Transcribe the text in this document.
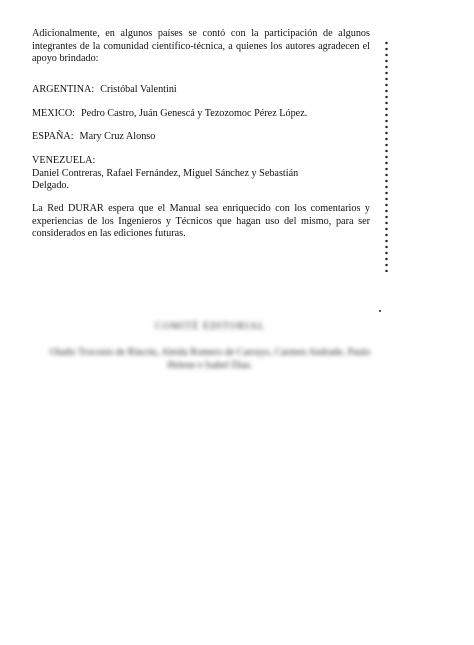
Adicionalmente, en algunos países se contó con la participación de algunos integrantes de la comunidad científico-técnica, a quienes los autores agradecen el apoyo brindado:

ARGENTINA: Cristóbal Valentini

MEXICO: Pedro Castro, Juán Genescá y Tezozomoc Pérez López.

ESPAÑA: Mary Cruz Alonso

VENEZUELA:Daniel Contreras, Rafael Fernández, Miguel Sánchez y Sebastián Delgado.

La Red DURAR espera que el Manual sea enriquecido con los comentarios y experiencias de los Ingenieros y Técnicos que hagan uso del mismo, para ser considerados en las ediciones futuras.

COMITÉ EDITORIAL

Oladis Troconis de Rincón, Aleida Romero de Carruyo, Carmen Andrade, Paulo Helene e Isabel Díaz.
